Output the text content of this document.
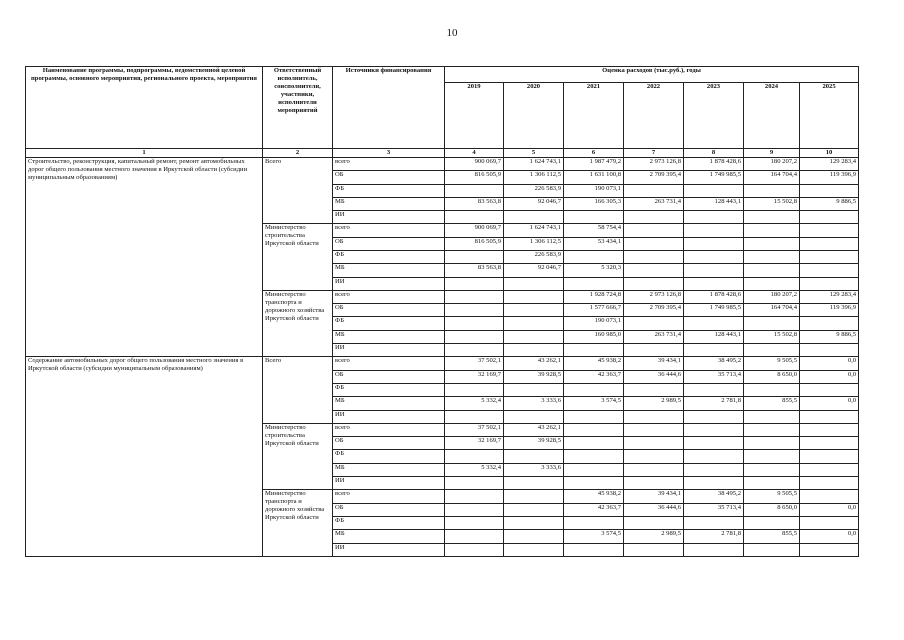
10
Наименование программы, подпрограммы, ведомственной целевой программы, основного мероприятия, регионального проекта, мероприятия	Ответственный исполнитель, соисполнители, участники, исполнители мероприятий	Источники финансирования	Оценка расходов (тыс.руб.), годы						
			2019	2020	2021	2022	2023	2024	2025
1	2	3	4	5	6	7	8	9	10
Строительство, реконструкция, капитальный ремонт, ремонт автомобильных дорог общего пользования местного значения в Иркутской области (субсидии муниципальным образованиям)	Всего	всего	900 069,7	1 624 743,1	1 987 479,2	2 973 126,8	1 878 428,6	180 207,2	129 283,4
		ОБ	816 505,9	1 306 112,5	1 631 100,8	2 709 395,4	1 749 985,5	164 704,4	119 396,9
		ФБ		226 583,9	190 073,1				
		МБ	83 563,8	92 046,7	166 305,3	263 731,4	128 443,1	15 502,8	9 886,5
		ИИ							
	Министерство строительства Иркутской области	всего	900 069,7	1 624 743,1	58 754,4				
		ОБ	816 505,9	1 306 112,5	53 434,1				
		ФБ		226 583,9					
		МБ	83 563,8	92 046,7	5 320,3				
		ИИ							
	Министерство транспорта и дорожного хозяйства Иркутской области	всего			1 928 724,8	2 973 126,8	1 878 428,6	180 207,2	129 283,4
		ОБ			1 577 666,7	2 709 395,4	1 749 985,5	164 704,4	119 396,9
		ФБ			190 073,1				
		МБ			160 985,0	263 731,4	128 443,1	15 502,8	9 886,5
		ИИ							
Содержание автомобильных дорог общего пользования местного значения в Иркутской области (субсидии муниципальным образованиям)	Всего	всего	37 502,1	43 262,1	45 938,2	39 434,1	38 495,2	9 505,5	0,0
		ОБ	32 169,7	39 928,5	42 363,7	36 444,6	35 713,4	8 650,0	0,0
		ФБ							
		МБ	5 332,4	3 333,6	3 574,5	2 989,5	2 781,8	855,5	0,0
		ИИ							
	Министерство строительства Иркутской области	всего	37 502,1	43 262,1					
		ОБ	32 169,7	39 928,5					
		ФБ							
		МБ	5 332,4	3 333,6					
		ИИ							
	Министерство транспорта и дорожного хозяйства Иркутской области	всего			45 938,2	39 434,1	38 495,2	9 505,5	
		ОБ			42 363,7	36 444,6	35 713,4	8 650,0	0,0
		ФБ							
		МБ			3 574,5	2 989,5	2 781,8	855,5	0,0
		ИИ							
